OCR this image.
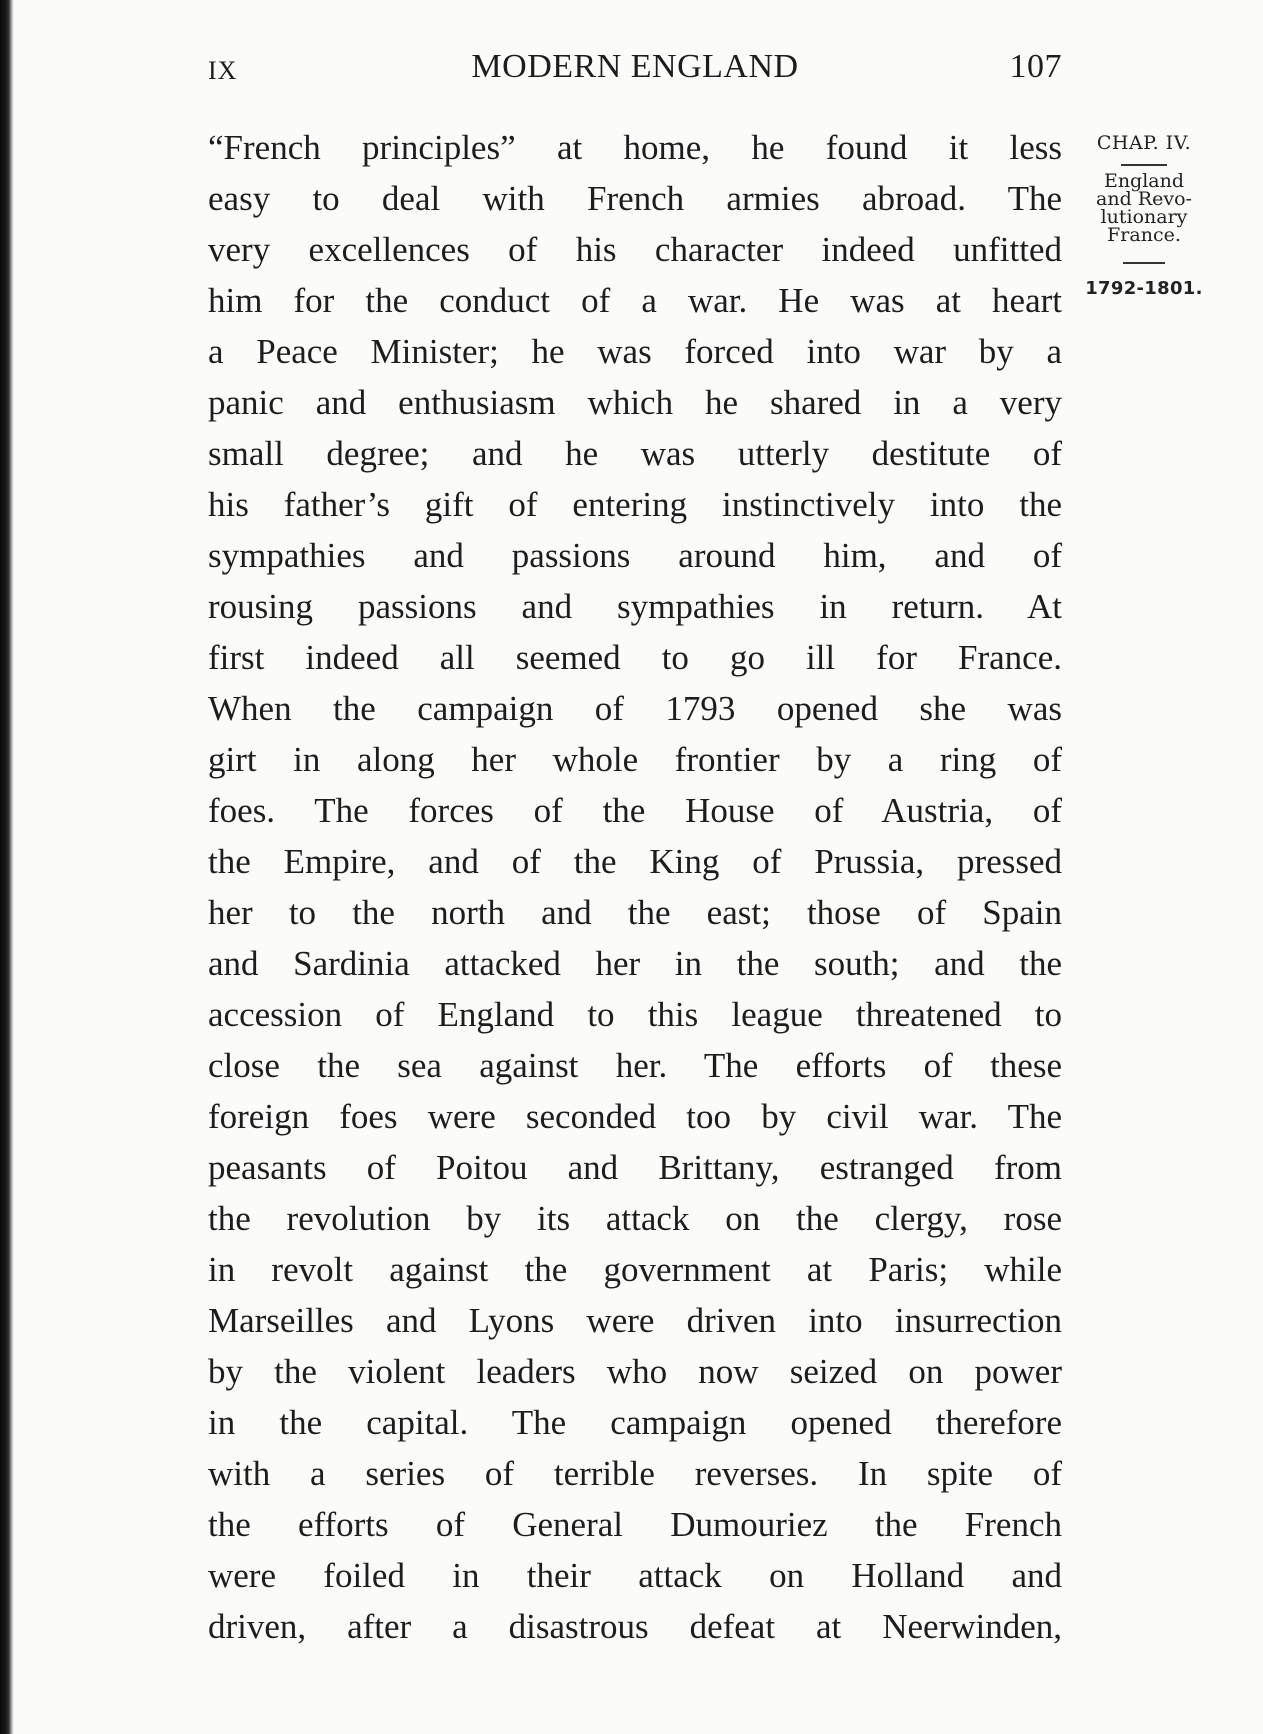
IX	MODERN ENGLAND	107
CHAP. IV.
England
and Revo-
lutionary
France.
1792-1801.
“French principles” at home, he found it less
easy to deal with French armies abroad. The
very excellences of his character indeed unfitted
him for the conduct of a war. He was at heart
a Peace Minister; he was forced into war by a
panic and enthusiasm which he shared in a very
small degree; and he was utterly destitute of
his father’s gift of entering instinctively into the
sympathies and passions around him, and of
rousing passions and sympathies in return. At
first indeed all seemed to go ill for France.
When the campaign of 1793 opened she was
girt in along her whole frontier by a ring of
foes. The forces of the House of Austria, of
the Empire, and of the King of Prussia, pressed
her to the north and the east; those of Spain
and Sardinia attacked her in the south; and the
accession of England to this league threatened to
close the sea against her. The efforts of these
foreign foes were seconded too by civil war. The
peasants of Poitou and Brittany, estranged from
the revolution by its attack on the clergy, rose
in revolt against the government at Paris; while
Marseilles and Lyons were driven into insurrection
by the violent leaders who now seized on power
in the capital. The campaign opened therefore
with a series of terrible reverses. In spite of
the efforts of General Dumouriez the French
were foiled in their attack on Holland and
driven, after a disastrous defeat at Neerwinden,
